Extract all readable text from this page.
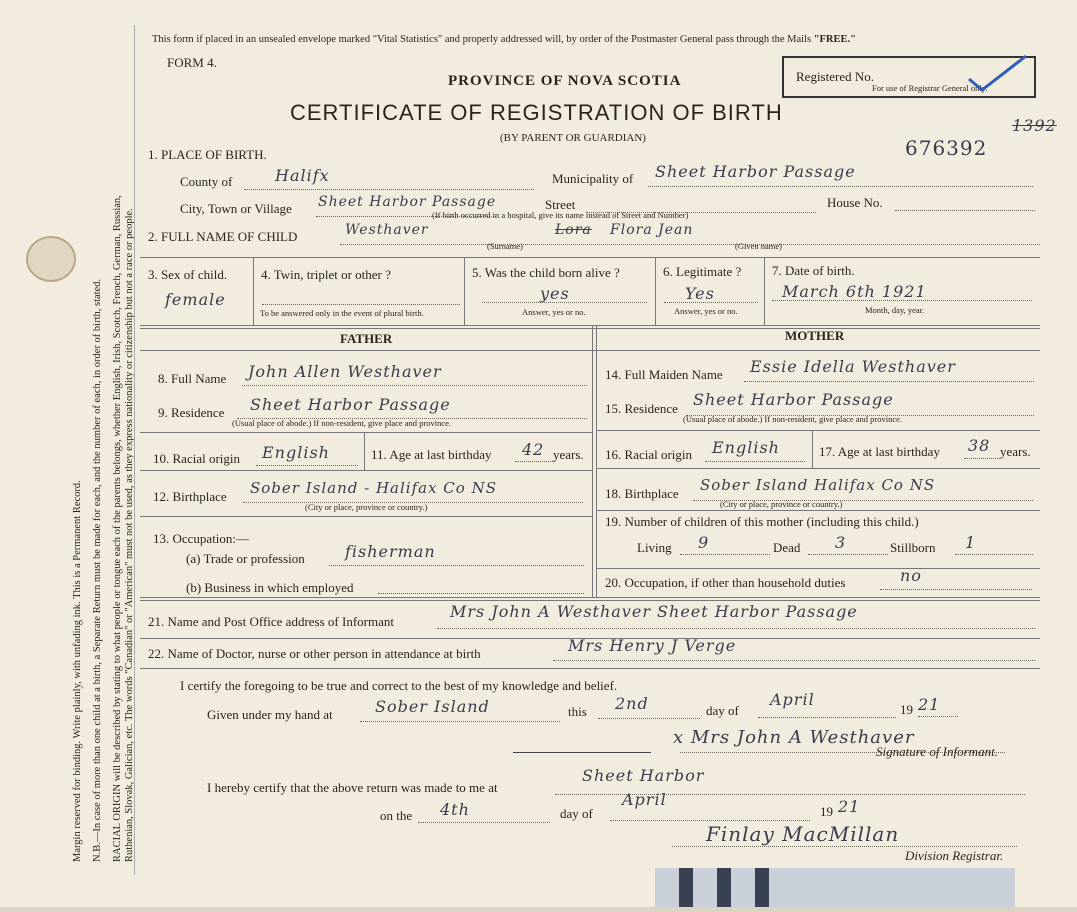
Margin reserved for binding. Write plainly, with unfading ink. This is a Permanent Record. N.B.—In case of more than one child at a birth, a Separate Return must be made for each, and the number of each, in order of birth, stated. RACIAL ORIGIN will be described by stating to what people or tongue each of the parents belongs, whether English, Irish, Scotch, French, German, Russian, Ruthenian, Slovak, Galician, etc. The words "Canadian" or "American" must not be used, as they express nationality or citizenship but not a race or people.
This form if placed in an unsealed envelope marked "Vital Statistics" and properly addressed will, by order of the Postmaster General pass through the Mails "FREE."
FORM 4.
PROVINCE OF NOVA SCOTIA
CERTIFICATE OF REGISTRATION OF BIRTH
(BY PARENT OR GUARDIAN)
Registered No.
For use of Registrar General only.
1392
676392
1. PLACE OF BIRTH.
County of	Halifx	Municipality of Sheet Harbor Passage
City, Town or Village Sheet Harbor Passage	Street	House No.
(If birth occurred in a hospital, give its name instead of Street and Number)
2. FULL NAME OF CHILD	Westhaver
(Surname)
Lora Flora Jean
(Given name)
3. Sex of child.
female
4. Twin, triplet or other ?
To be answered only in the event of plural birth.
5. Was the child born alive ?
yes
Answer, yes or no.
6. Legitimate ?
Yes
Answer, yes or no.
7. Date of birth.
March 6th 1921
Month, day, year.
FATHER	MOTHER
8. Full Name John Allen Westhaver
9. Residence Sheet Harbor Passage
(Usual place of abode.) If non-resident, give place and province.
10. Racial origin English	11. Age at last birthday 42 years.
12. Birthplace Sober Island - Halifax Co NS
(City or place, province or country.)
13. Occupation:—
(a) Trade or profession	fisherman
(b) Business in which employed
14. Full Maiden Name Essie Idella Westhaver
15. Residence Sheet Harbor Passage
(Usual place of abode.) If non-resident, give place and province.
16. Racial origin English	17. Age at last birthday 38 years.
18. Birthplace Sober Island Halifax Co NS
(City or place, province or country.)
19. Number of children of this mother (including this child.)
Living 9	Dead 3	Stillborn 1
20. Occupation, if other than household duties	no
21. Name and Post Office address of Informant
Mrs John A Westhaver Sheet Harbor Passage
22. Name of Doctor, nurse or other person in attendance at birth	Mrs Henry J Verge
I certify the foregoing to be true and correct to the best of my knowledge and belief.
Given under my hand at	Sober Island	this 2nd	day of
April
19 21
x Mrs John A Westhaver
Signature of Informant.
I hereby certify that the above return was made to me at
Sheet Harbor
on the 4th	day of
April
19 21
Finlay MacMillan
Division Registrar.
